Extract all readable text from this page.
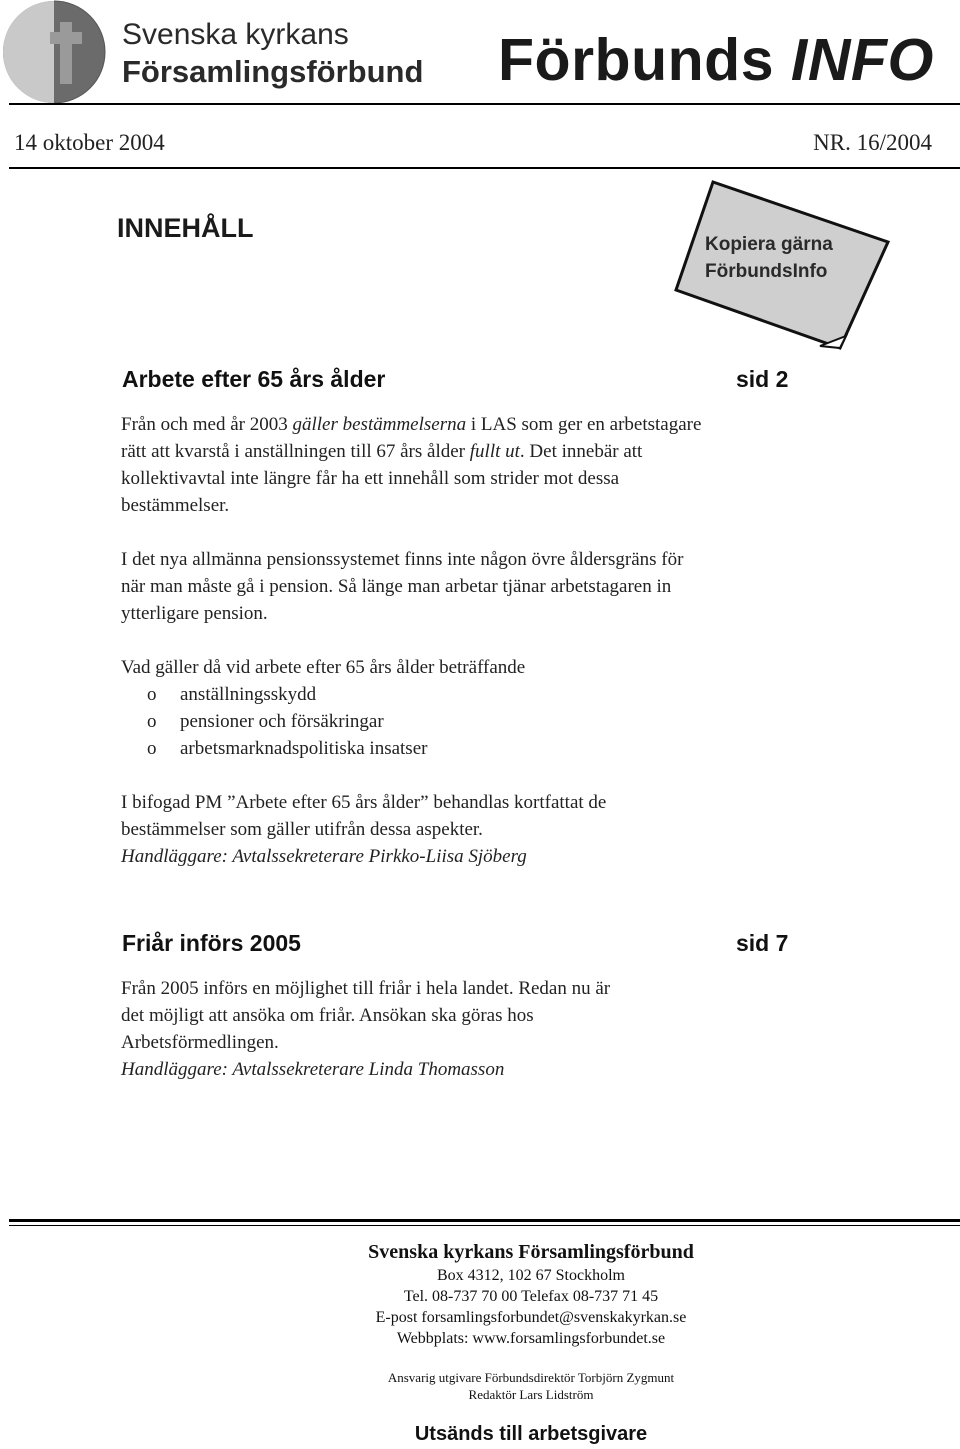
Svenska kyrkans
Församlingsförbund Förbunds INFO
14 oktober 2004	NR. 16/2004
INNEHÅLL
Kopiera gärna
FörbundsInfo
Arbete efter 65 års ålder	sid 2
Från och med år 2003 gäller bestämmelserna i LAS som ger en arbetstagare rätt att kvarstå i anställningen till 67 års ålder fullt ut. Det innebär att kollektivavtal inte längre får ha ett innehåll som strider mot dessa bestämmelser.
I det nya allmänna pensionssystemet finns inte någon övre åldersgräns för när man måste gå i pension. Så länge man arbetar tjänar arbetstagaren in ytterligare pension.
Vad gäller då vid arbete efter 65 års ålder beträffande
o anställningsskydd
o pensioner och försäkringar
o arbetsmarknadspolitiska insatser
I bifogad PM ”Arbete efter 65 års ålder” behandlas kortfattat de bestämmelser som gäller utifrån dessa aspekter.
Handläggare: Avtalssekreterare Pirkko-Liisa Sjöberg
Friår införs 2005	sid 7
Från 2005 införs en möjlighet till friår i hela landet. Redan nu är det möjligt att ansöka om friår. Ansökan ska göras hos Arbetsförmedlingen.
Handläggare: Avtalssekreterare Linda Thomasson
Svenska kyrkans Församlingsförbund
Box 4312, 102 67 Stockholm
Tel. 08-737 70 00 Telefax 08-737 71 45
E-post forsamlingsforbundet@svenskakyrkan.se
Webbplats: www.forsamlingsforbundet.se
Ansvarig utgivare Förbundsdirektör Torbjörn Zygmunt
Redaktör Lars Lidström
Utsänds till arbetsgivare
